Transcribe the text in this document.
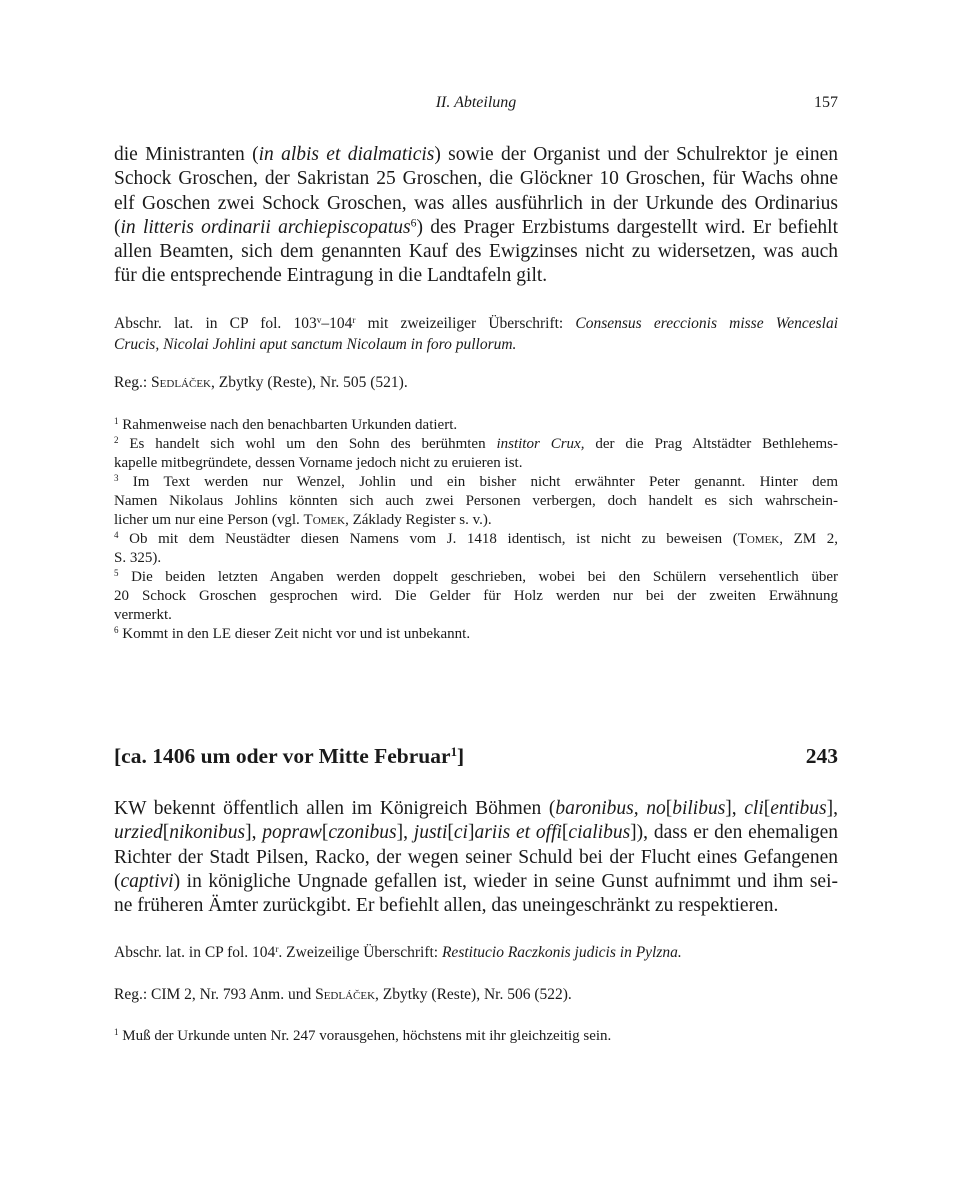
II. Abteilung	157
die Ministranten (in albis et dialmaticis) sowie der Organist und der Schulrektor je einen
Schock Groschen, der Sakristan 25 Groschen, die Glöckner 10 Groschen, für Wachs ohne
elf Goschen zwei Schock Groschen, was alles ausführlich in der Urkunde des Ordinarius
(in litteris ordinarii archiepiscopatus$^6$) des Prager Erzbistums dargestellt wird. Er befiehlt
allen Beamten, sich dem genannten Kauf des Ewigzinses nicht zu widersetzen, was auch
für die entsprechende Eintragung in die Landtafeln gilt.
Abschr. lat. in CP fol. 103$^v$–104$^r$ mit zweizeiliger Überschrift: Consensus ereccionis misse Wenceslai
Crucis, Nicolai Johlini aput sanctum Nicolaum in foro pullorum.
Reg.: Sedláček, Zbytky (Reste), Nr. 505 (521).
$^1$ Rahmenweise nach den benachbarten Urkunden datiert.
$^2$ Es handelt sich wohl um den Sohn des berühmten institor Crux, der die Prag Altstädter Bethlehems-
kapelle mitbegründete, dessen Vorname jedoch nicht zu eruieren ist.
$^3$ Im Text werden nur Wenzel, Johlin und ein bisher nicht erwähnter Peter genannt. Hinter dem
Namen Nikolaus Johlins könnten sich auch zwei Personen verbergen, doch handelt es sich wahrschein-
licher um nur eine Person (vgl. Tomek, Základy Register s. v.).
$^4$ Ob mit dem Neustädter diesen Namens vom J. 1418 identisch, ist nicht zu beweisen (Tomek, ZM 2,
S. 325).
$^5$ Die beiden letzten Angaben werden doppelt geschrieben, wobei bei den Schülern versehentlich über
20 Schock Groschen gesprochen wird. Die Gelder für Holz werden nur bei der zweiten Erwähnung
vermerkt.
$^6$ Kommt in den LE dieser Zeit nicht vor und ist unbekannt.
[ca. 1406 um oder vor Mitte Februar$^1$]	243
KW bekennt öffentlich allen im Königreich Böhmen (baronibus, no[bilibus], cli[entibus],
urzied[nikonibus], popraw[czonibus], justi[ci]ariis et offi[cialibus]), dass er den ehemaligen
Richter der Stadt Pilsen, Racko, der wegen seiner Schuld bei der Flucht eines Gefangenen
(captivi) in königliche Ungnade gefallen ist, wieder in seine Gunst aufnimmt und ihm sei-
ne früheren Ämter zurückgibt. Er befiehlt allen, das uneingeschränkt zu respektieren.
Abschr. lat. in CP fol. 104$^r$. Zweizeilige Überschrift: Restitucio Raczkonis judicis in Pylzna.
Reg.: CIM 2, Nr. 793 Anm. und Sedláček, Zbytky (Reste), Nr. 506 (522).
$^1$ Muß der Urkunde unten Nr. 247 vorausgehen, höchstens mit ihr gleichzeitig sein.
